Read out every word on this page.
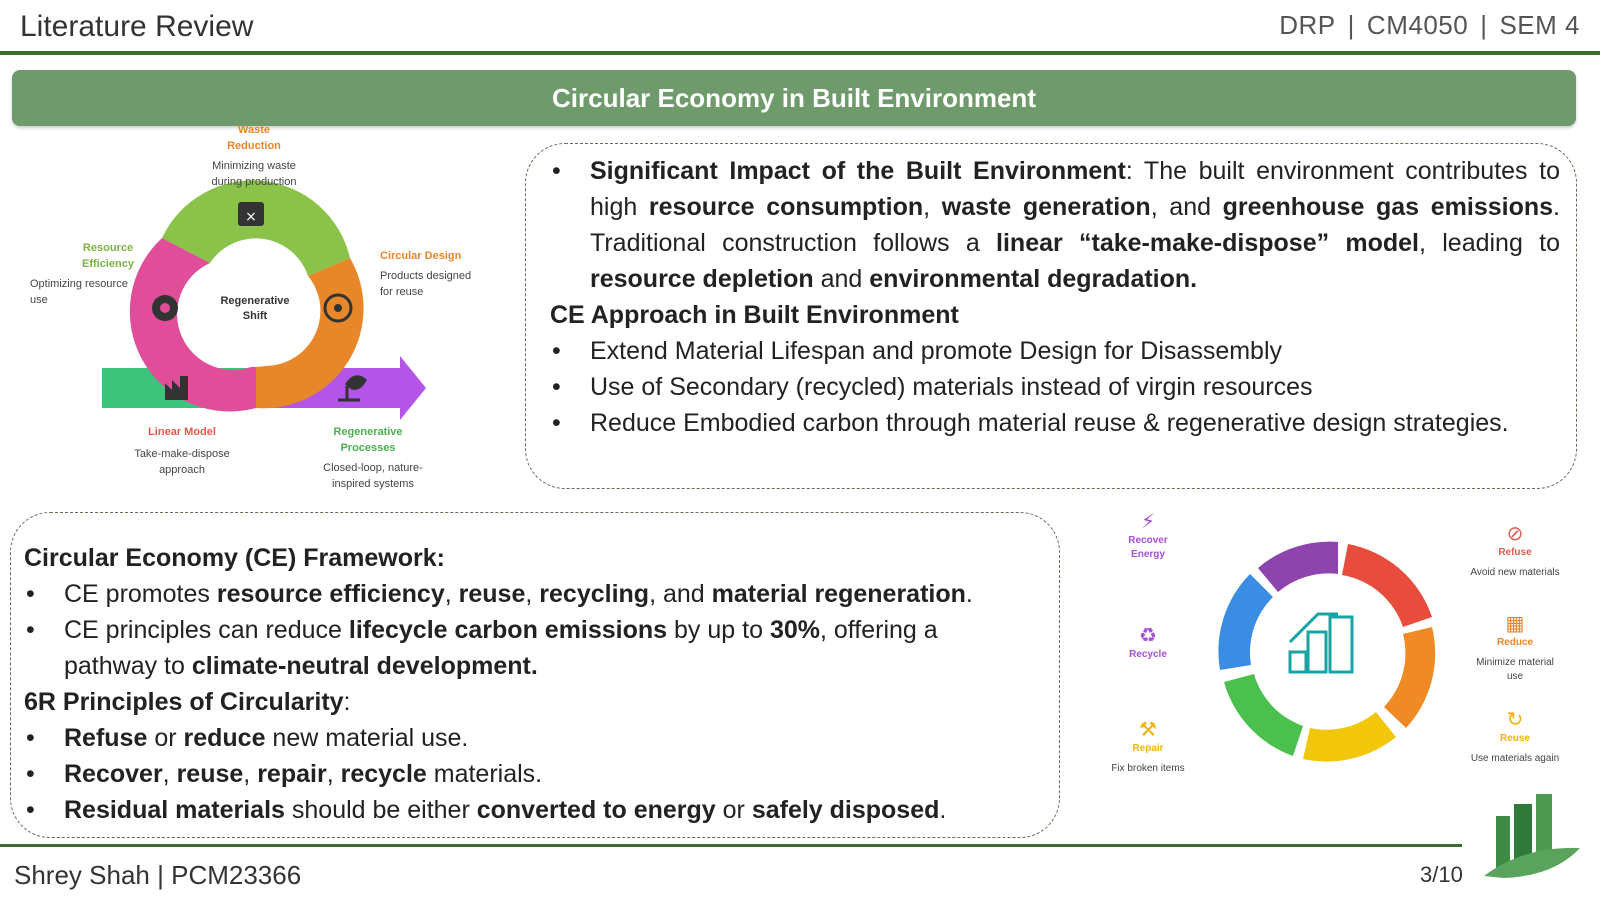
Literature Review	DRP | CM4050 | SEM 4
Circular Economy in Built Environment
Regenerative
Shift
×
Waste
Reduction
Minimizing waste
during production
Resource
Efficiency
Optimizing resource
use
Circular Design
Products designed
for reuse
Linear Model
Take-make-dispose
approach
Regenerative
Processes
Closed-loop, nature-
inspired systems
•	Significant Impact of the Built Environment: The built environment contributes to high resource consumption, waste generation, and greenhouse gas emissions. Traditional construction follows a linear “take-make-dispose” model, leading to resource depletion and environmental degradation.
CE Approach in Built Environment
•	Extend Material Lifespan and promote Design for Disassembly
•	Use of Secondary (recycled) materials instead of virgin resources
•	Reduce Embodied carbon through material reuse & regenerative design strategies.
Circular Economy (CE) Framework:
•	CE promotes resource efficiency, reuse, recycling, and material regeneration.
•	CE principles can reduce lifecycle carbon emissions by up to 30%, offering a pathway to climate-neutral development.
6R Principles of Circularity:
•	Refuse or reduce new material use.
•	Recover, reuse, repair, recycle materials.
•	Residual materials should be either converted to energy or safely disposed.
⚡
Recover
Energy
♻
Recycle
⚒
Repair
Fix broken items
⊘
Refuse
Avoid new materials
▦
Reduce
Minimize material
use
↻
Reuse
Use materials again
Shrey Shah | PCM23366	3/10
